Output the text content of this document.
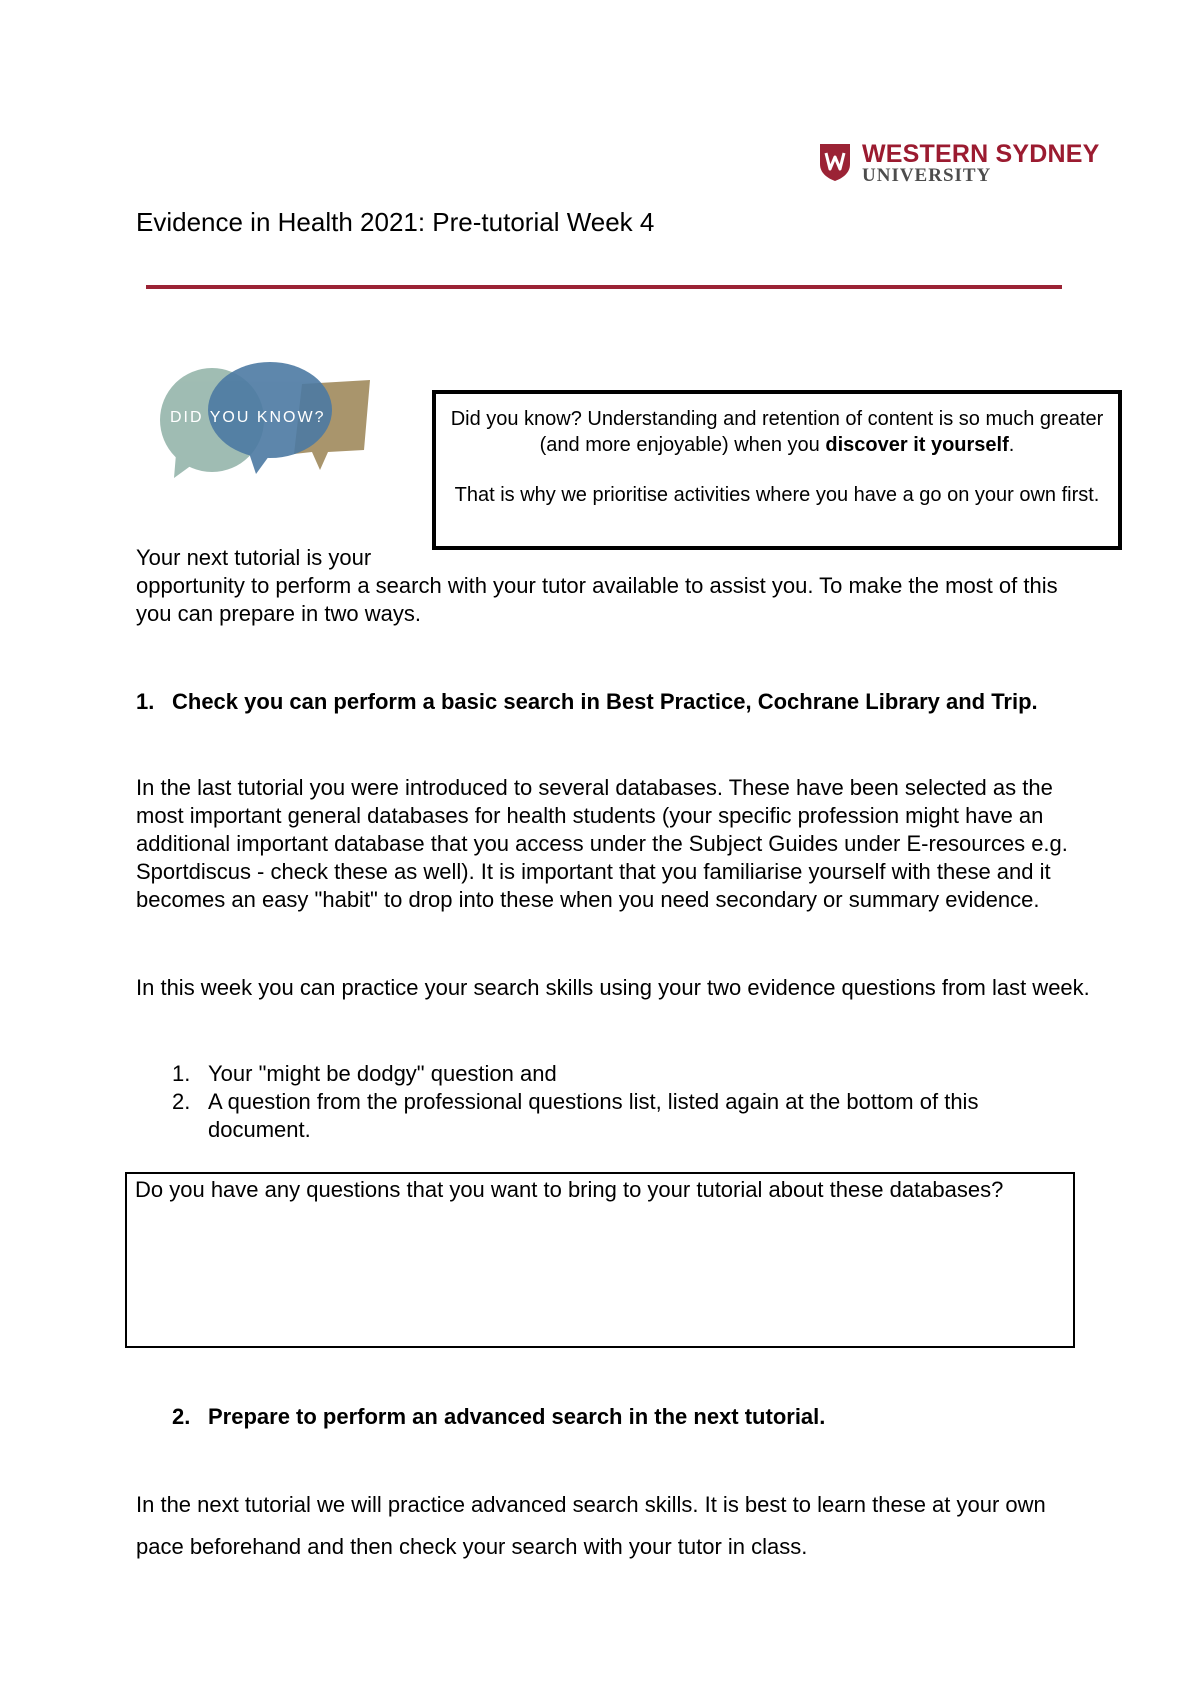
WESTERN SYDNEY
UNIVERSITY
Evidence in Health 2021: Pre-tutorial Week 4
DID YOU KNOW?	Did you know? Understanding and retention of content is so much greater (and more enjoyable) when you discover it yourself.

That is why we prioritise activities where you have a go on your own first.

Your next tutorial is your
opportunity to perform a search with your tutor available to assist you. To make the most of this you can prepare in two ways.
1. Check you can perform a basic search in Best Practice, Cochrane Library and Trip.
In the last tutorial you were introduced to several databases. These have been selected as the most important general databases for health students (your specific profession might have an additional important database that you access under the Subject Guides under E-resources e.g. Sportdiscus - check these as well). It is important that you familiarise yourself with these and it becomes an easy "habit" to drop into these when you need secondary or summary evidence.
In this week you can practice your search skills using your two evidence questions from last week.
1. Your "might be dodgy" question and
2. A question from the professional questions list, listed again at the bottom of this document.
Do you have any questions that you want to bring to your tutorial about these databases?
2. Prepare to perform an advanced search in the next tutorial.
In the next tutorial we will practice advanced search skills. It is best to learn these at your own pace beforehand and then check your search with your tutor in class.
